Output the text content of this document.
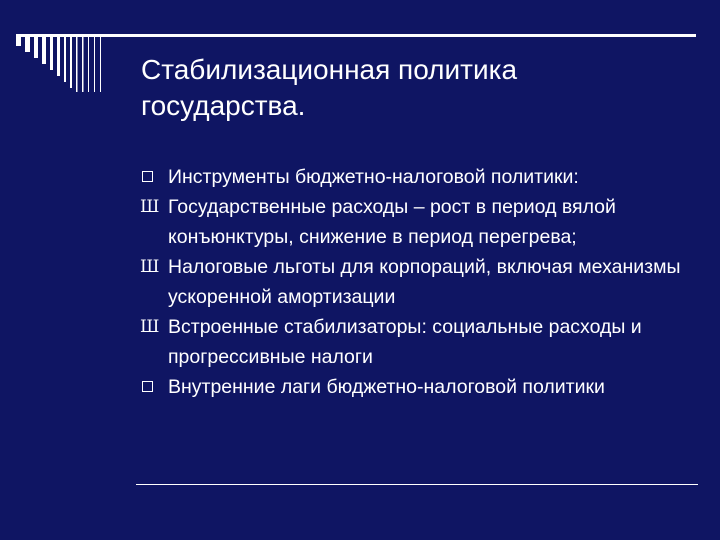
Стабилизационная политика государства.
Инструменты бюджетно-налоговой политики:
Ш Государственные расходы – рост в период вялой конъюнктуры, снижение в период перегрева;
Ш Налоговые льготы для корпораций, включая механизмы ускоренной амортизации
Ш Встроенные стабилизаторы: социальные расходы и прогрессивные налоги
Внутренние лаги бюджетно-налоговой политики
